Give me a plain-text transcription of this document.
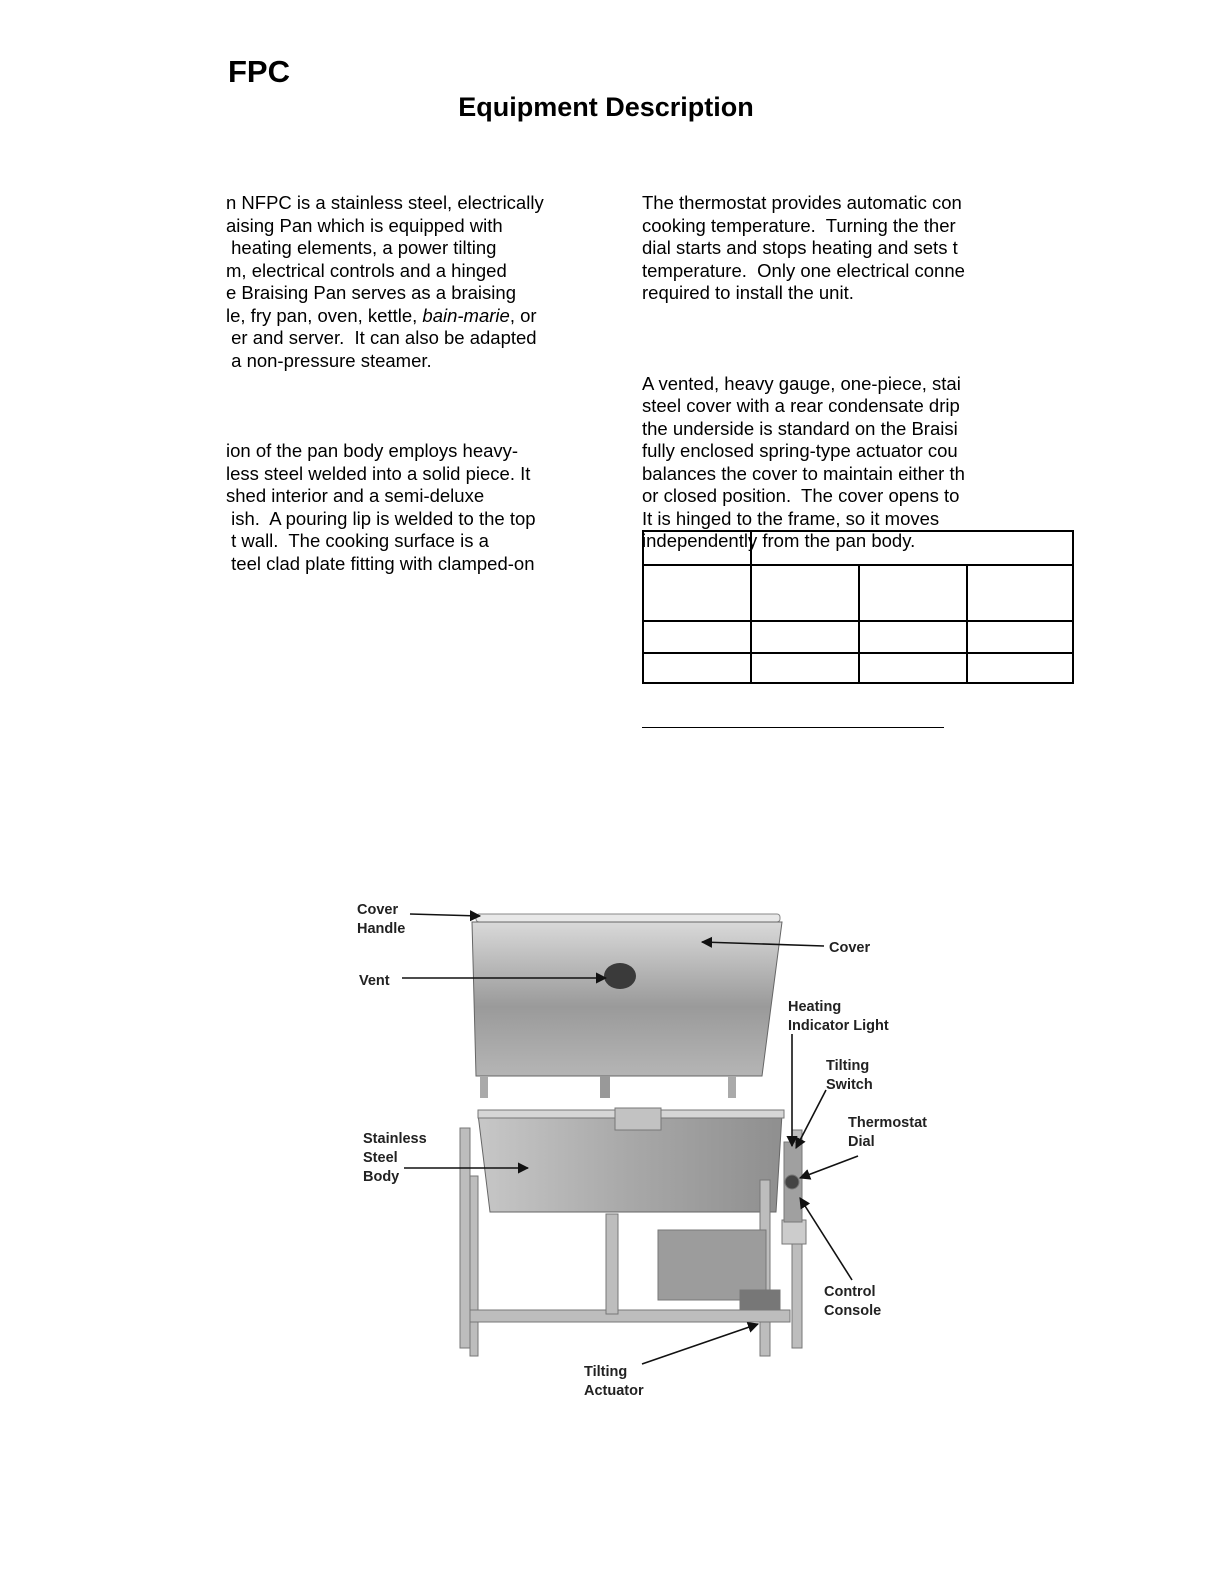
FPC
Equipment Description

n NFPC is a stainless steel, electrically
aising Pan which is equipped with
heating elements, a power tilting
m, electrical controls and a hinged
e Braising Pan serves as a braising
le, fry pan, oven, kettle, bain-marie, or
er and server.  It can also be adapted
a non-pressure steamer.

ion of the pan body employs heavy-
less steel welded into a solid piece. It
shed interior and a semi-deluxe
ish.  A pouring lip is welded to the top
t wall.  The cooking surface is a
teel clad plate fitting with clamped-on

The thermostat provides automatic con
cooking temperature.  Turning the ther
dial starts and stops heating and sets t
temperature.  Only one electrical conne
required to install the unit.

A vented, heavy gauge, one-piece, stai
steel cover with a rear condensate drip
the underside is standard on the Braisi
fully enclosed spring-type actuator cou
balances the cover to maintain either th
or closed position.  The cover opens to
It is hinged to the frame, so it moves
independently from the pan body.

Cover
Handle
Vent
Cover
Heating
Indicator Light
Tilting
Switch
Thermostat
Dial
Stainless
Steel
Body
Control
Console
Tilting
Actuator
